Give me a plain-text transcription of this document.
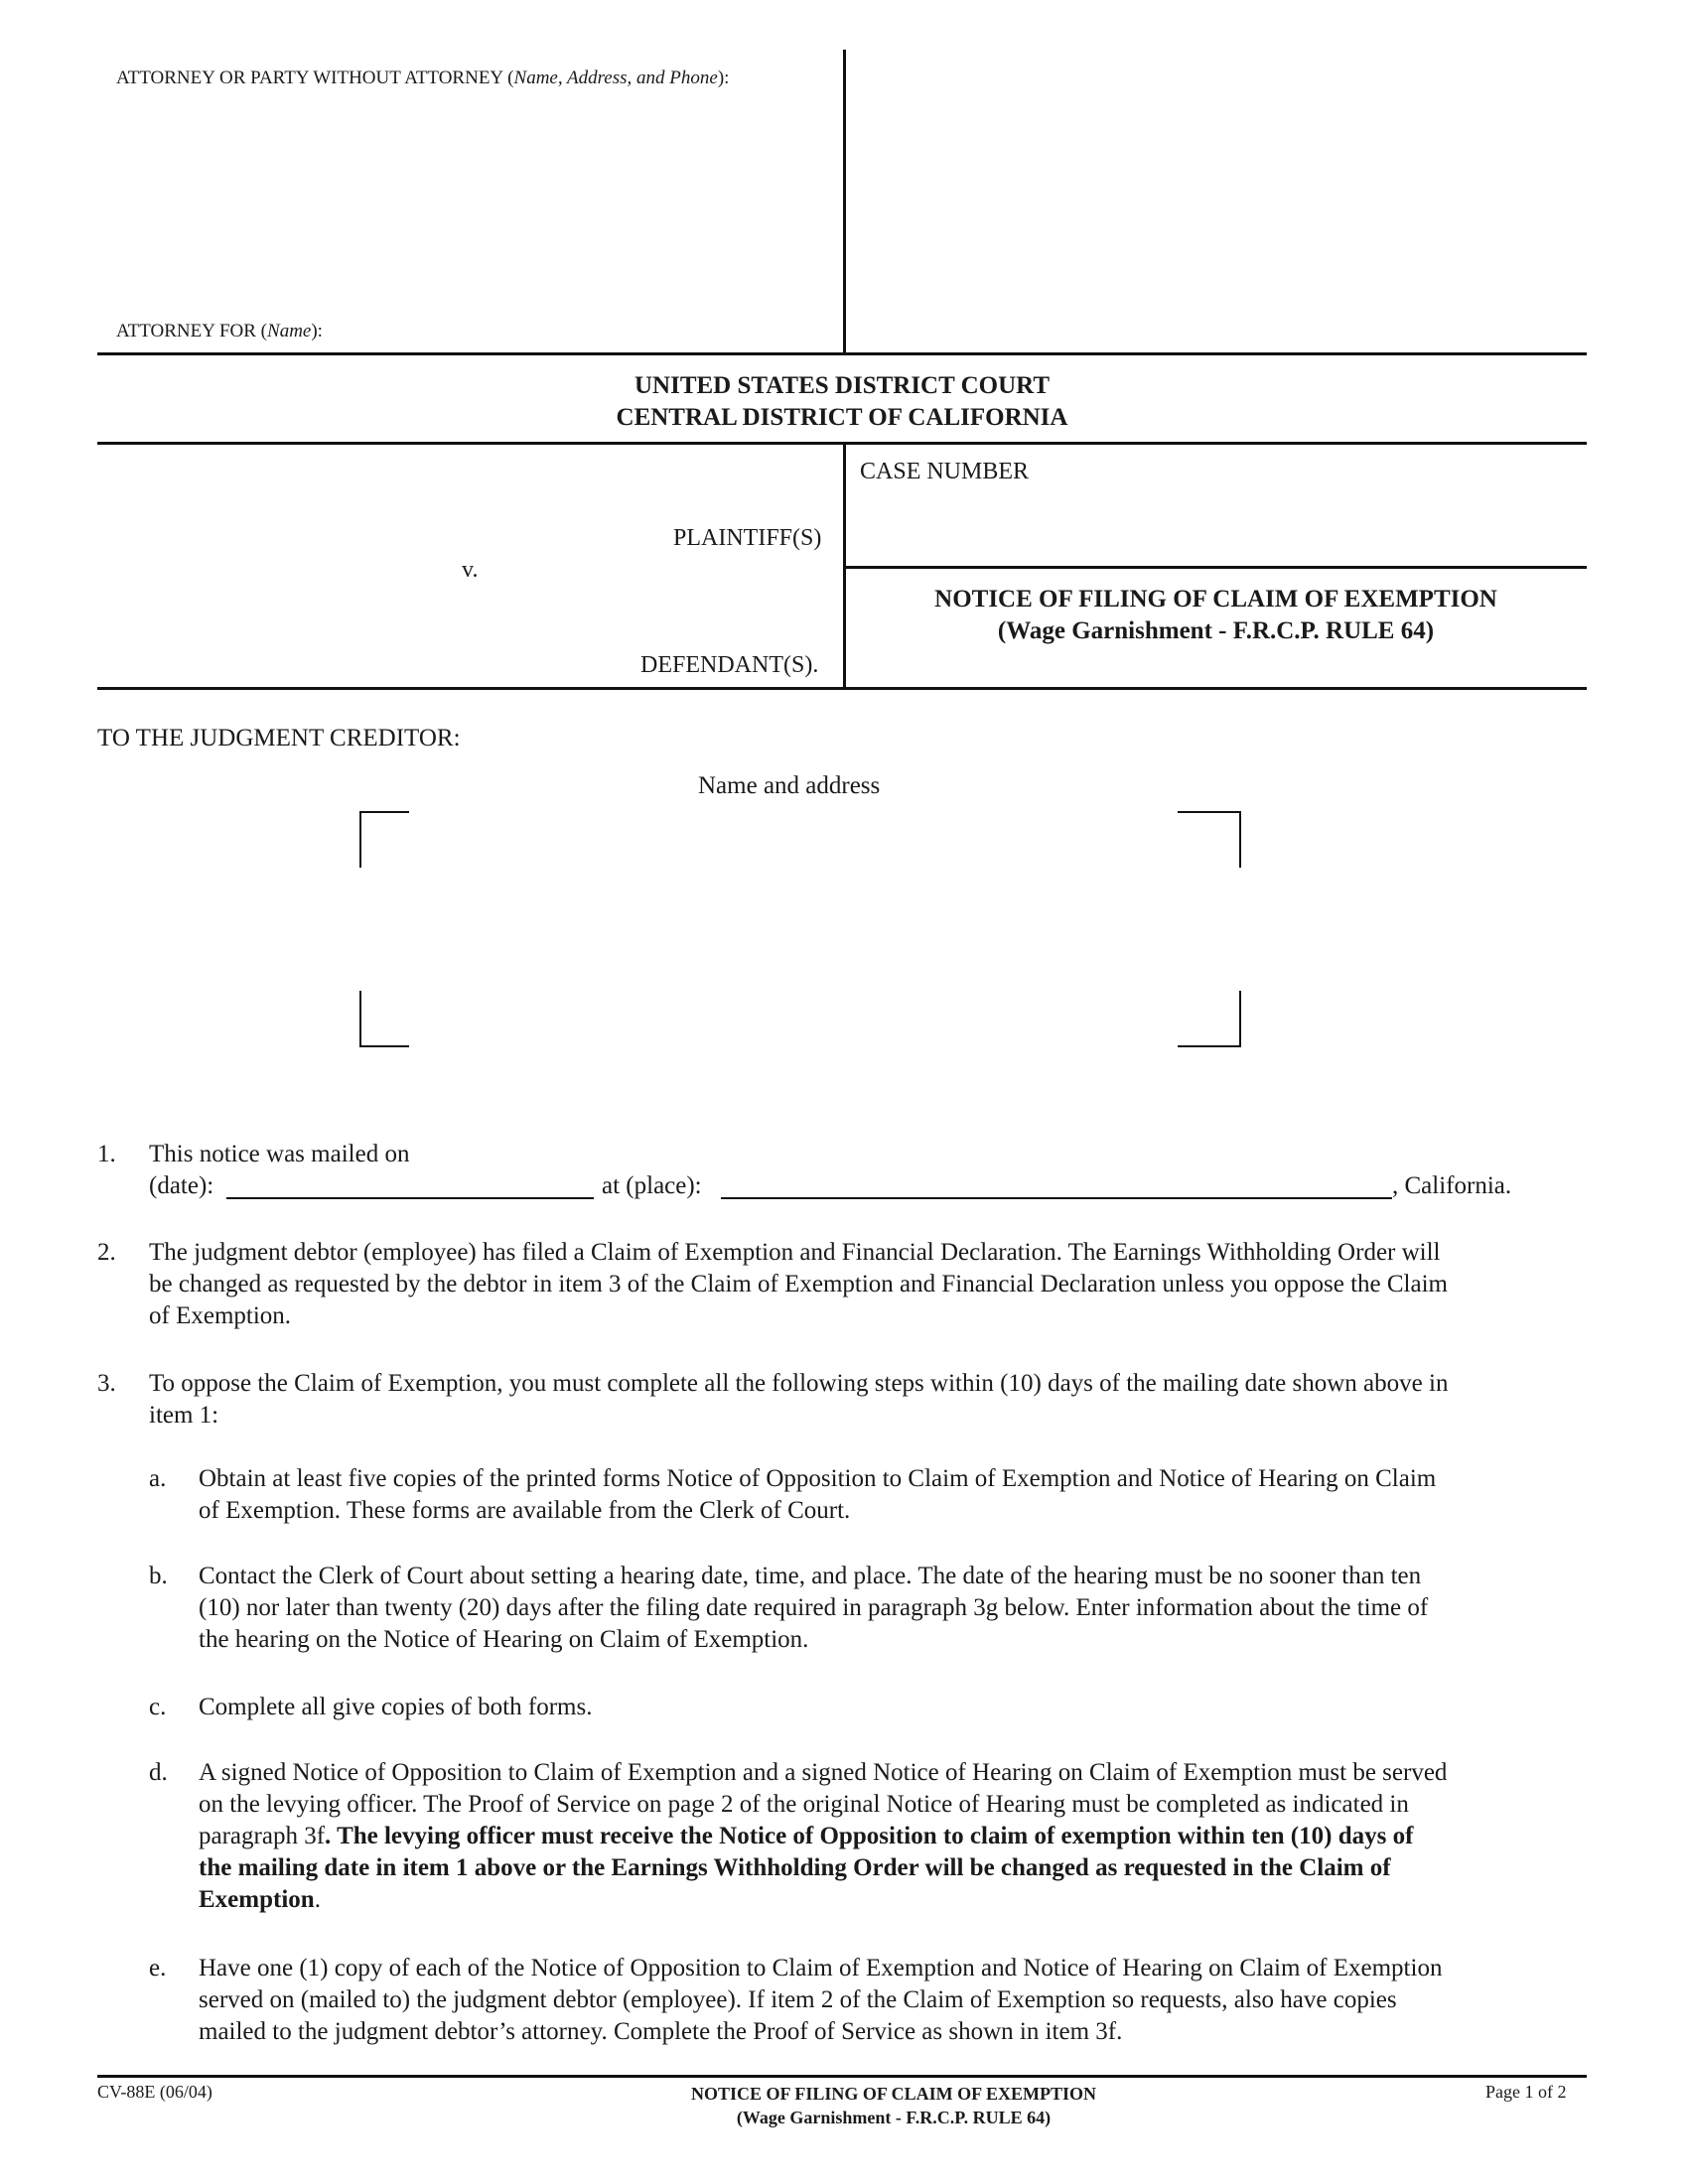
ATTORNEY OR PARTY WITHOUT ATTORNEY (Name, Address, and Phone):
ATTORNEY FOR (Name):
UNITED STATES DISTRICT COURT
CENTRAL DISTRICT OF CALIFORNIA
CASE NUMBER
PLAINTIFF(S)
v.
DEFENDANT(S).
NOTICE OF FILING OF CLAIM OF EXEMPTION
(Wage Garnishment - F.R.C.P. RULE 64)
TO THE JUDGMENT CREDITOR:
Name and address
1. This notice was mailed on
(date):	at (place):	, California.
2. The judgment debtor (employee) has filed a Claim of Exemption and Financial Declaration. The Earnings Withholding Order will
be changed as requested by the debtor in item 3 of the Claim of Exemption and Financial Declaration unless you oppose the Claim
of Exemption.
3. To oppose the Claim of Exemption, you must complete all the following steps within (10) days of the mailing date shown above in
item 1:
a. Obtain at least five copies of the printed forms Notice of Opposition to Claim of Exemption and Notice of Hearing on Claim
of Exemption. These forms are available from the Clerk of Court.
b. Contact the Clerk of Court about setting a hearing date, time, and place. The date of the hearing must be no sooner than ten
(10) nor later than twenty (20) days after the filing date required in paragraph 3g below. Enter information about the time of
the hearing on the Notice of Hearing on Claim of Exemption.
c. Complete all give copies of both forms.
d. A signed Notice of Opposition to Claim of Exemption and a signed Notice of Hearing on Claim of Exemption must be served
on the levying officer. The Proof of Service on page 2 of the original Notice of Hearing must be completed as indicated in
paragraph 3f. The levying officer must receive the Notice of Opposition to claim of exemption within ten (10) days of
the mailing date in item 1 above or the Earnings Withholding Order will be changed as requested in the Claim of
Exemption.
e. Have one (1) copy of each of the Notice of Opposition to Claim of Exemption and Notice of Hearing on Claim of Exemption
served on (mailed to) the judgment debtor (employee). If item 2 of the Claim of Exemption so requests, also have copies
mailed to the judgment debtor’s attorney. Complete the Proof of Service as shown in item 3f.
CV-88E (06/04)	NOTICE OF FILING OF CLAIM OF EXEMPTION
(Wage Garnishment - F.R.C.P. RULE 64)
Page 1 of 2
